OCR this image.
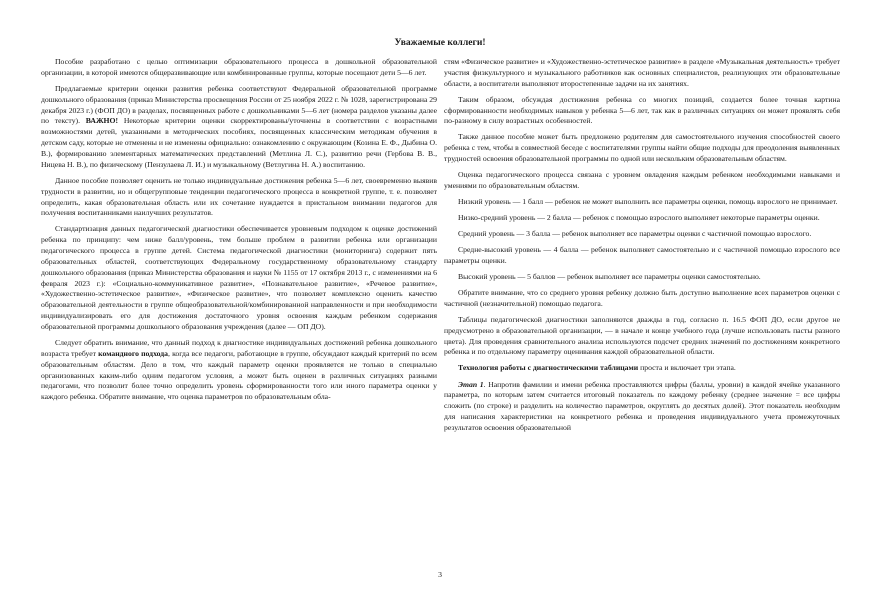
Уважаемые коллеги!

Пособие разработано с целью оптимизации образовательного процесса в дошкольной образовательной организации, в которой имеются общеразвивающие или комбинированные группы, которые посещают дети 5—6 лет.

Предлагаемые критерии оценки развития ребенка соответствуют Федеральной образовательной программе дошкольного образования (приказ Министерства просвещения России от 25 ноября 2022 г. № 1028, зарегистрирована 29 декабря 2023 г.) (ФОП ДО) в разделах, посвященных работе с дошкольниками 5—6 лет (номера разделов указаны далее по тексту). ВАЖНО! Некоторые критерии оценки скорректированы/уточнены в соответствии с возрастными возможностями детей, указанными в методических пособиях, посвященных классическим методикам обучения в детском саду, которые не отменены и не изменены официально: ознакомлению с окружающим (Козина Е. Ф., Дыбина О. В.), формированию элементарных математических представлений (Метлина Л. С.), развитию речи (Гербова В. В., Ницева Н. В.), по физическому (Пензулаева Л. И.) и музыкальному (Ветлугина Н. А.) воспитанию.

Данное пособие позволяет оценить не только индивидуальные достижения ребенка 5—6 лет, своевременно выявив трудности в развитии, но и общегрупповые тенденции педагогического процесса в конкретной группе, т. е. позволяет определить, какая образовательная область или их сочетание нуждается в пристальном внимании педагогов для получения воспитанниками наилучших результатов.

Стандартизация данных педагогической диагностики обеспечивается уровневым подходом к оценке достижений ребенка по принципу: чем ниже балл/уровень, тем больше проблем в развитии ребенка или организации педагогического процесса в группе детей. Система педагогической диагностики (мониторинга) содержит пять образовательных областей, соответствующих Федеральному государственному образовательному стандарту дошкольного образования (приказ Министерства образования и науки № 1155 от 17 октября 2013 г., с изменениями на 6 февраля 2023 г.): «Социально-коммуникативное развитие», «Познавательное развитие», «Речевое развитие», «Художественно-эстетическое развитие», «Физическое развитие», что позволяет комплексно оценить качество образовательной деятельности в группе общеобразовательной/комбинированной направленности и при необходимости индивидуализировать его для достижения достаточного уровня освоения каждым ребенком содержания образовательной программы дошкольного образования учреждения (далее — ОП ДО).

Следует обратить внимание, что данный подход к диагностике индивидуальных достижений ребенка дошкольного возраста требует командного подхода, когда все педагоги, работающие в группе, обсуждают каждый критерий по всем образовательным областям. Дело в том, что каждый параметр оценки проявляется не только в специально организованных каким-либо одним педагогом условия, а может быть оценен в различных ситуациях разными педагогами, что позволит более точно определить уровень сформированности того или иного параметра оценки у каждого ребенка. Обратите внимание, что оценка параметров по образовательным обла-

стям «Физическое развитие» и «Художественно-эстетическое развитие» в разделе «Музыкальная деятельность» требует участия физкультурного и музыкального работников как основных специалистов, реализующих эти образовательные области, а воспитатели выполняют второстепенные задачи на их занятиях.

Таким образом, обсуждая достижения ребенка со многих позиций, создается более точная картина сформированности необходимых навыков у ребенка 5—6 лет, так как в различных ситуациях он может проявлять себя по-разному в силу возрастных особенностей.

Также данное пособие может быть предложено родителям для самостоятельного изучения способностей своего ребенка с тем, чтобы в совместной беседе с воспитателями группы найти общие подходы для преодоления выявленных трудностей освоения образовательной программы по одной или нескольким образовательным областям.

Оценка педагогического процесса связана с уровнем овладения каждым ребенком необходимыми навыками и умениями по образовательным областям.

Низкий уровень — 1 балл — ребенок не может выполнить все параметры оценки, помощь взрослого не принимает.

Низко-средний уровень — 2 балла — ребенок с помощью взрослого выполняет некоторые параметры оценки.

Средний уровень — 3 балла — ребенок выполняет все параметры оценки с частичной помощью взрослого.

Средне-высокий уровень — 4 балла — ребенок выполняет самостоятельно и с частичной помощью взрослого все параметры оценки.

Высокий уровень — 5 баллов — ребенок выполняет все параметры оценки самостоятельно.

Обратите внимание, что со среднего уровня ребенку должно быть доступно выполнение всех параметров оценки с частичной (незначительной) помощью педагога.

Таблицы педагогической диагностики заполняются дважды в год, согласно п. 16.5 ФОП ДО, если другое не предусмотрено в образовательной организации, — в начале и конце учебного года (лучше использовать пасты разного цвета). Для проведения сравнительного анализа используются подсчет средних значений по достижениям конкретного ребенка и по отдельному параметру оценивания каждой образовательной области.

Технология работы с диагностическими таблицами проста и включает три этапа.

Этап 1. Напротив фамилии и имени ребенка проставляются цифры (баллы, уровни) в каждой ячейке указанного параметра, по которым затем считается итоговый показатель по каждому ребенку (среднее значение = все цифры сложить (по строке) и разделить на количество параметров, округлять до десятых долей). Этот показатель необходим для написания характеристики на конкретного ребенка и проведения индивидуального учета промежуточных результатов освоения образовательной

3
